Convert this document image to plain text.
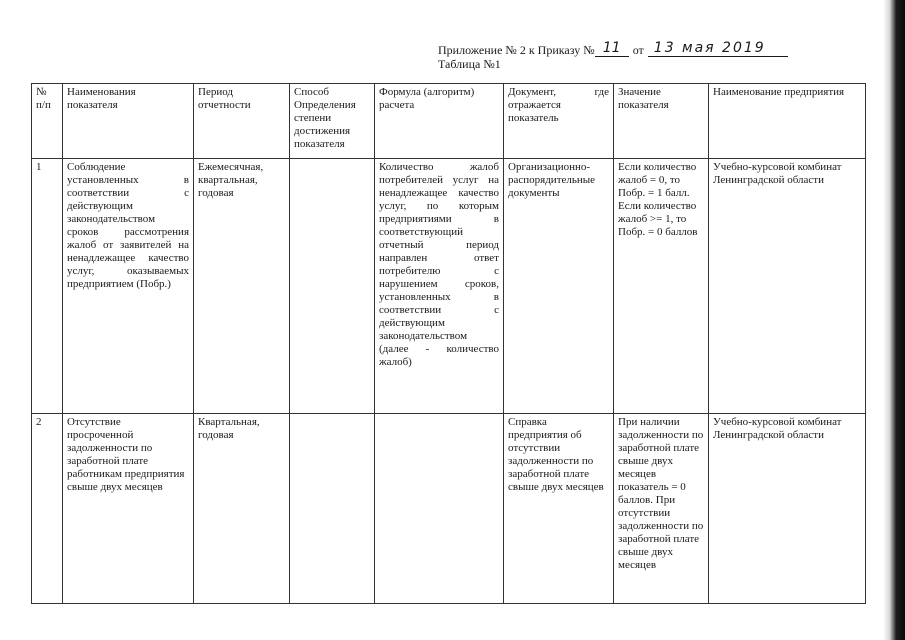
Приложение № 2 к Приказу № 11	от 13 мая 2019
Таблица №1
№ п/п	Наименования показателя	Период отчетности	Способ Определения степени достижения показателя	Формула (алгоритм) расчета	Документ, где отражается показатель	Значение показателя	Наименование предприятия
1	Соблюдение установленных в соответствии с действующим законодательством сроков рассмотрения жалоб от заявителей на ненадлежащее качество услуг, оказываемых предприятием (Побр.)	Ежемесячная, квартальная, годовая		Количество жалоб потребителей услуг на ненадлежащее качество услуг, по которым предприятиями в соответствующий отчетный период направлен ответ потребителю с нарушением сроков, установленных в соответствии с действующим законодательством (далее - количество жалоб)	Организационно-распорядительные документы	Если количество жалоб = 0, то Побр. = 1 балл. Если количество жалоб >= 1, то Побр. = 0 баллов	Учебно-курсовой комбинат Ленинградской области
2	Отсутствие просроченной задолженности по заработной плате работникам предприятия свыше двух месяцев	Квартальная, годовая			Справка предприятия об отсутствии задолженности по заработной плате свыше двух месяцев	При наличии задолженности по заработной плате свыше двух месяцев показатель = 0 баллов. При отсутствии задолженности по заработной плате свыше двух месяцев	Учебно-курсовой комбинат Ленинградской области
